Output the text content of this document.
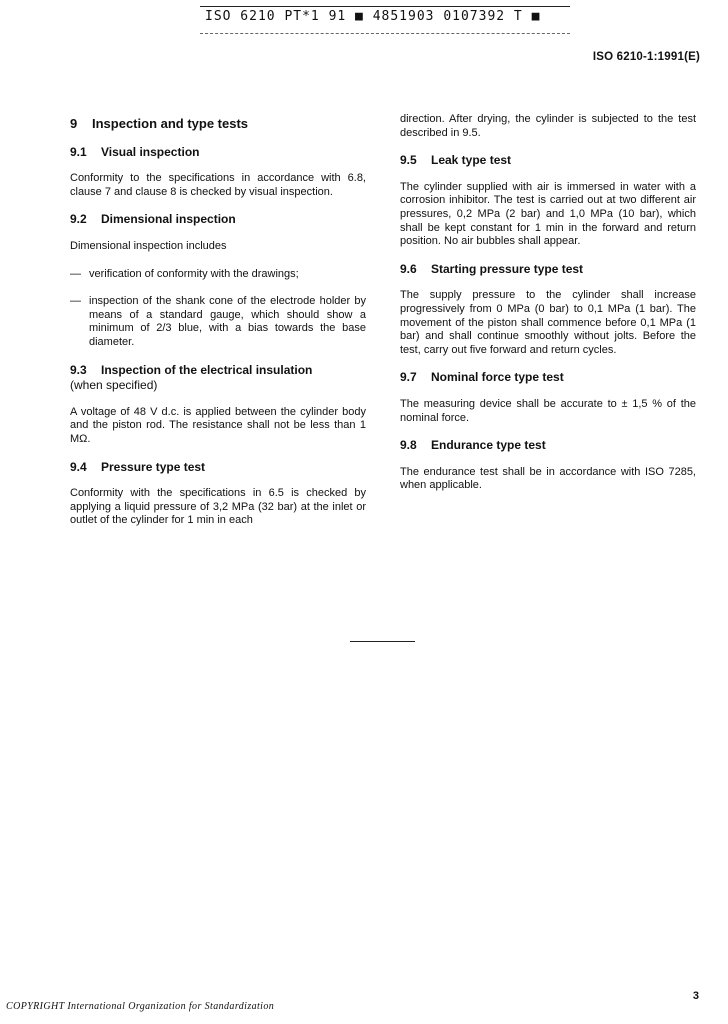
ISO 6210 PT*1 91 ■ 4851903 0107392 T ■
ISO 6210-1:1991(E)

9 Inspection and type tests

9.1 Visual inspection

Conformity to the specifications in accordance with 6.8, clause 7 and clause 8 is checked by visual inspection.

9.2 Dimensional inspection

Dimensional inspection includes

— verification of conformity with the drawings;

— inspection of the shank cone of the electrode holder by means of a standard gauge, which should show a minimum of 2/3 blue, with a bias towards the base diameter.

9.3 Inspection of the electrical insulation

(when specified)

A voltage of 48 V d.c. is applied between the cylinder body and the piston rod. The resistance shall not be less than 1 MΩ.

9.4 Pressure type test

Conformity with the specifications in 6.5 is checked by applying a liquid pressure of 3,2 MPa (32 bar) at the inlet or outlet of the cylinder for 1 min in each

direction. After drying, the cylinder is subjected to the test described in 9.5.

9.5 Leak type test

The cylinder supplied with air is immersed in water with a corrosion inhibitor. The test is carried out at two different air pressures, 0,2 MPa (2 bar) and 1,0 MPa (10 bar), which shall be kept constant for 1 min in the forward and return position. No air bubbles shall appear.

9.6 Starting pressure type test

The supply pressure to the cylinder shall increase progressively from 0 MPa (0 bar) to 0,1 MPa (1 bar). The movement of the piston shall commence before 0,1 MPa (1 bar) and shall continue smoothly without jolts. Before the test, carry out five forward and return cycles.

9.7 Nominal force type test

The measuring device shall be accurate to ± 1,5 % of the nominal force.

9.8 Endurance type test

The endurance test shall be in accordance with ISO 7285, when applicable.

COPYRIGHT International Organization for Standardization
3
